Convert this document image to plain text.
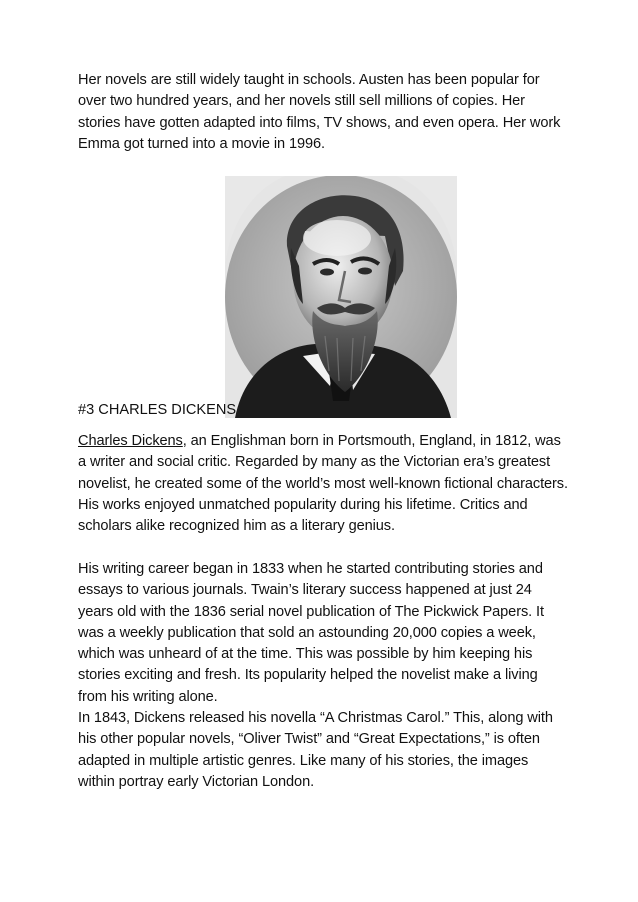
Her novels are still widely taught in schools. Austen has been popular for over two hundred years, and her novels still sell millions of copies. Her stories have gotten adapted into films, TV shows, and even opera. Her work Emma got turned into a movie in 1996.

#3 CHARLES DICKENS

Charles Dickens, an Englishman born in Portsmouth, England, in 1812, was a writer and social critic. Regarded by many as the Victorian era’s greatest novelist, he created some of the world’s most well-known fictional characters. His works enjoyed unmatched popularity during his lifetime. Critics and scholars alike recognized him as a literary genius.

His writing career began in 1833 when he started contributing stories and essays to various journals. Twain’s literary success happened at just 24 years old with the 1836 serial novel publication of The Pickwick Papers. It was a weekly publication that sold an astounding 20,000 copies a week, which was unheard of at the time. This was possible by him keeping his stories exciting and fresh. Its popularity helped the novelist make a living from his writing alone.

In 1843, Dickens released his novella “A Christmas Carol.” This, along with his other popular novels, “Oliver Twist” and “Great Expectations,” is often adapted in multiple artistic genres. Like many of his stories, the images within portray early Victorian London.
